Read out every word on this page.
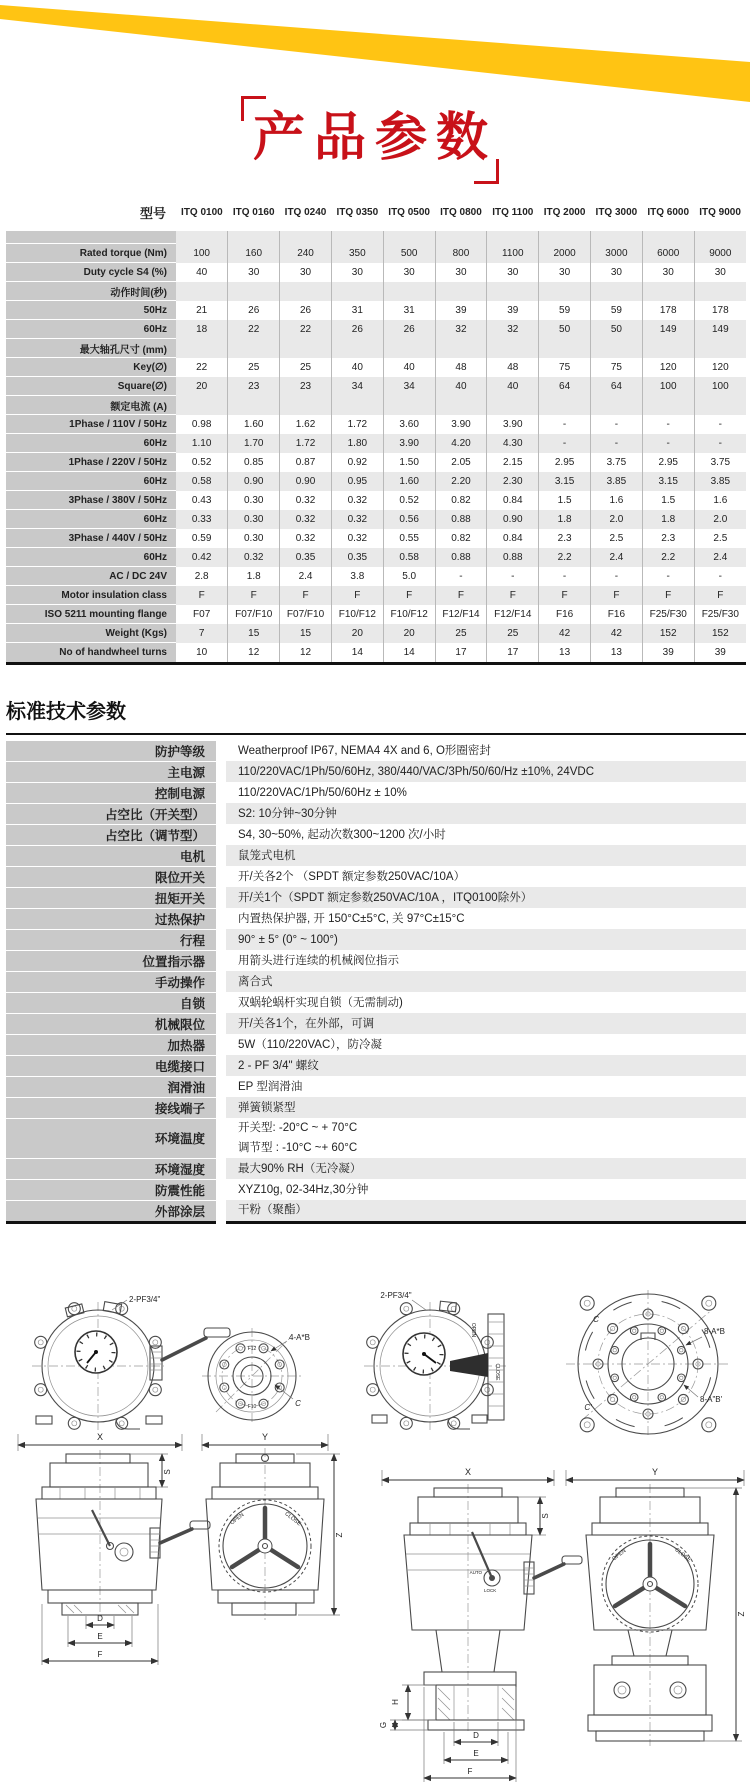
产品参数
型号	ITQ 0100	ITQ 0160	ITQ 0240	ITQ 0350	ITQ 0500	ITQ 0800	ITQ 1100	ITQ 2000	ITQ 3000	ITQ 6000	ITQ 9000

Rated torque (Nm)	100	160	240	350	500	800	1100	2000	3000	6000	9000
Duty cycle S4 (%)	40	30	30	30	30	30	30	30	30	30	30
动作时间(秒)											
50Hz	21	26	26	31	31	39	39	59	59	178	178
60Hz	18	22	22	26	26	32	32	50	50	149	149
最大轴孔尺寸 (mm)											
Key(∅)	22	25	25	40	40	48	48	75	75	120	120
Square(∅)	20	23	23	34	34	40	40	64	64	100	100
额定电流 (A)											
1Phase / 110V / 50Hz	0.98	1.60	1.62	1.72	3.60	3.90	3.90	-	-	-	-
60Hz	1.10	1.70	1.72	1.80	3.90	4.20	4.30	-	-	-	-
1Phase / 220V / 50Hz	0.52	0.85	0.87	0.92	1.50	2.05	2.15	2.95	3.75	2.95	3.75
60Hz	0.58	0.90	0.90	0.95	1.60	2.20	2.30	3.15	3.85	3.15	3.85
3Phase / 380V / 50Hz	0.43	0.30	0.32	0.32	0.52	0.82	0.84	1.5	1.6	1.5	1.6
60Hz	0.33	0.30	0.32	0.32	0.56	0.88	0.90	1.8	2.0	1.8	2.0
3Phase / 440V / 50Hz	0.59	0.30	0.32	0.32	0.55	0.82	0.84	2.3	2.5	2.3	2.5
60Hz	0.42	0.32	0.35	0.35	0.58	0.88	0.88	2.2	2.4	2.2	2.4
AC / DC 24V	2.8	1.8	2.4	3.8	5.0	-	-	-	-	-	-
Motor insulation class	F	F	F	F	F	F	F	F	F	F	F
ISO 5211 mounting flange	F07	F07/F10	F07/F10	F10/F12	F10/F12	F12/F14	F12/F14	F16	F16	F25/F30	F25/F30
Weight (Kgs)	7	15	15	20	20	25	25	42	42	152	152
No of handwheel turns	10	12	12	14	14	17	17	13	13	39	39
标准技术参数
防护等级	Weatherproof IP67, NEMA4 4X and 6, O形圈密封

主电源	110/220VAC/1Ph/50/60Hz, 380/440/VAC/3Ph/50/60/Hz ±10%, 24VDC

控制电源	110/220VAC/1Ph/50/60Hz ± 10%

占空比（开关型）	S2: 10分钟~30分钟

占空比（调节型）	S4, 30~50%, 起动次数300~1200 次/小时

电机	鼠笼式电机

限位开关	开/关各2个 （SPDT 额定参数250VAC/10A）

扭矩开关	开/关1个（SPDT 额定参数250VAC/10A ，ITQ0100除外）

过热保护	内置热保护器, 开 150°C±5°C, 关 97°C±15°C

行程	90° ± 5° (0° ~ 100°)

位置指示器	用箭头进行连续的机械阀位指示

手动操作	离合式

自锁	双蜗轮蜗杆实现自锁（无需制动)

机械限位	开/关各1个，在外部，可调

加热器	5W（110/220VAC），防冷凝

电缆接口	2 - PF 3/4" 螺纹

润滑油	EP 型润滑油

接线端子	弹簧锁紧型

环境温度	开关型: -20°C ~ + 70°C
调节型 : -10°C ~+ 60°C

环境湿度	最大90% RH（无冷凝）

防震性能	XYZ10g, 02-34Hz,30分钟

外部涂层	干粉（聚酯）
2-PF3/4"
F12
F10
4-A*B
C
X
S
D
E
F
Y
OPEN	CLOSE
Z
OPEN
CLOSE
2-PF3/4"
C
C'
8-A*B
8-A"B'
X
S
AUTO
LOCK
H
G
D
E
F
Y
OPEN	CLOSE
Z
